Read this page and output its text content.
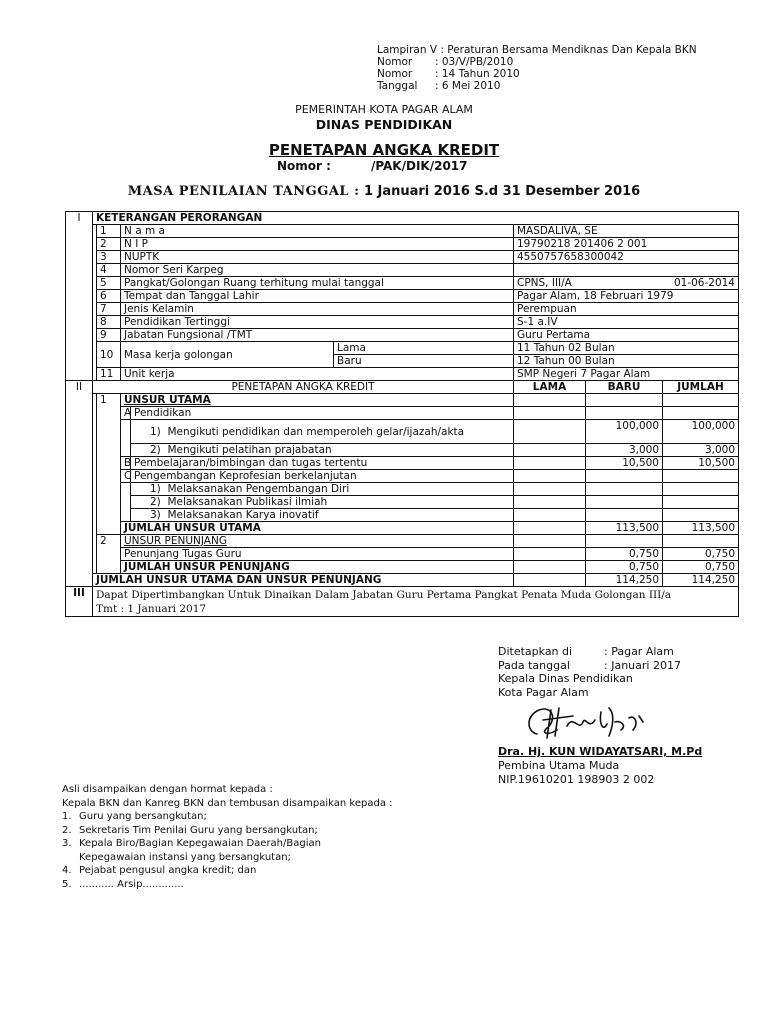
Lampiran V : Peraturan Bersama Mendiknas Dan Kepala BKN
Nomor	: 03/V/PB/2010
Nomor	: 14 Tahun 2010
Tanggal	: 6 Mei 2010
PEMERINTAH KOTA PAGAR ALAM
DINAS PENDIDIKAN
PENETAPAN ANGKA KREDIT
Nomor :	/PAK/DIK/2017
MASA PENILAIAN TANGGAL : 1 Januari 2016 S.d 31 Desember 2016
I	KETERANGAN PERORANGAN							
		1	N a m a			MASDALIVA, SE		
		2	N I P			19790218 201406 2 001		
		3	NUPTK			4550757658300042		
		4	Nomor Seri Karpeg					
		5	Pangkat/Golongan Ruang terhitung mulai tanggal			CPNS, III/A 01-06-2014		

		6	Tempat dan Tanggal Lahir			Pagar Alam, 18 Februari 1979		
		7	Jenis Kelamin			Perempuan		
		8	Pendidikan Tertinggi			S-1 a.IV		
		9	Jabatan Fungsional /TMT			Guru Pertama		
		10	Masa kerja golongan		Lama	11 Tahun 02 Bulan		
					Baru	12 Tahun 00 Bulan		
		11	Unit kerja			SMP Negeri 7 Pagar Alam		
II	PENETAPAN ANGKA KREDIT					LAMA	BARU	JUMLAH
		1	UNSUR UTAMA					
			A	Pendidikan				
				1) Mengikuti pendidikan dan memperoleh gelar/ijazah/akta			100,000	100,000
				2) Mengikuti pelatihan prajabatan			3,000	3,000
			B	Pembelajaran/bimbingan dan tugas tertentu			10,500	10,500
			C	Pengembangan Keprofesian berkelanjutan				
				1) Melaksanakan Pengembangan Diri				
				2) Melaksanakan Publikasi ilmiah				
				3) Melaksanakan Karya inovatif				
			JUMLAH UNSUR UTAMA				113,500	113,500
		2	UNSUR PENUNJANG					
			Penunjang Tugas Guru				0,750	0,750
			JUMLAH UNSUR PENUNJANG				0,750	0,750
	JUMLAH UNSUR UTAMA DAN UNSUR PENUNJANG						114,250	114,250
III	Dapat Dipertimbangkan Untuk Dinaikan Dalam Jabatan Guru Pertama Pangkat Penata Muda Golongan III/a
Tmt : 1 Januari 2017							
Ditetapkan di	: Pagar Alam
Pada tanggal	: Januari 2017
Kepala Dinas Pendidikan
Kota Pagar Alam
Dra. Hj. KUN WIDAYATSARI, M.Pd
Pembina Utama Muda
NIP.19610201 198903 2 002
Asli disampaikan dengan hormat kepada :
Kepala BKN dan Kanreg BKN dan tembusan disampaikan kepada :
1. Guru yang bersangkutan;
2. Sekretaris Tim Penilai Guru yang bersangkutan;
3. Kepala Biro/Bagian Kepegawaian Daerah/Bagian
Kepegawaian instansi yang bersangkutan;
4. Pejabat pengusul angka kredit; dan
5. ........... Arsip.............
